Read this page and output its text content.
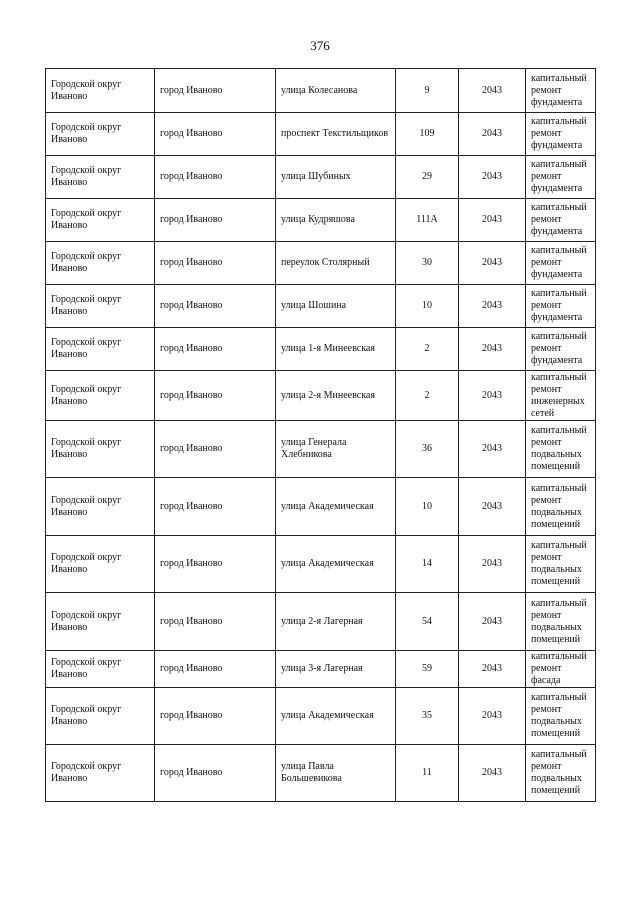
376
Городской округ Иваново	город Иваново	улица Колесанова	9	2043	капитальный ремонт фундамента
Городской округ Иваново	город Иваново	проспект Текстильщиков	109	2043	капитальный ремонт фундамента
Городской округ Иваново	город Иваново	улица Шубиных	29	2043	капитальный ремонт фундамента
Городской округ Иваново	город Иваново	улица Кудряшова	111А	2043	капитальный ремонт фундамента
Городской округ Иваново	город Иваново	переулок Столярный	30	2043	капитальный ремонт фундамента
Городской округ Иваново	город Иваново	улица Шошина	10	2043	капитальный ремонт фундамента
Городской округ Иваново	город Иваново	улица 1-я Минеевская	2	2043	капитальный ремонт фундамента
Городской округ Иваново	город Иваново	улица 2-я Минеевская	2	2043	капитальный ремонт инженерных сетей
Городской округ Иваново	город Иваново	улица Генерала Хлебникова	36	2043	капитальный ремонт подвальных помещений
Городской округ Иваново	город Иваново	улица Академическая	10	2043	капитальный ремонт подвальных помещений
Городской округ Иваново	город Иваново	улица Академическая	14	2043	капитальный ремонт подвальных помещений
Городской округ Иваново	город Иваново	улица 2-я Лагерная	54	2043	капитальный ремонт подвальных помещений
Городской округ Иваново	город Иваново	улица 3-я Лагерная	59	2043	капитальный ремонт фасада
Городской округ Иваново	город Иваново	улица Академическая	35	2043	капитальный ремонт подвальных помещений
Городской округ Иваново	город Иваново	улица Павла Большевикова	11	2043	капитальный ремонт подвальных помещений
